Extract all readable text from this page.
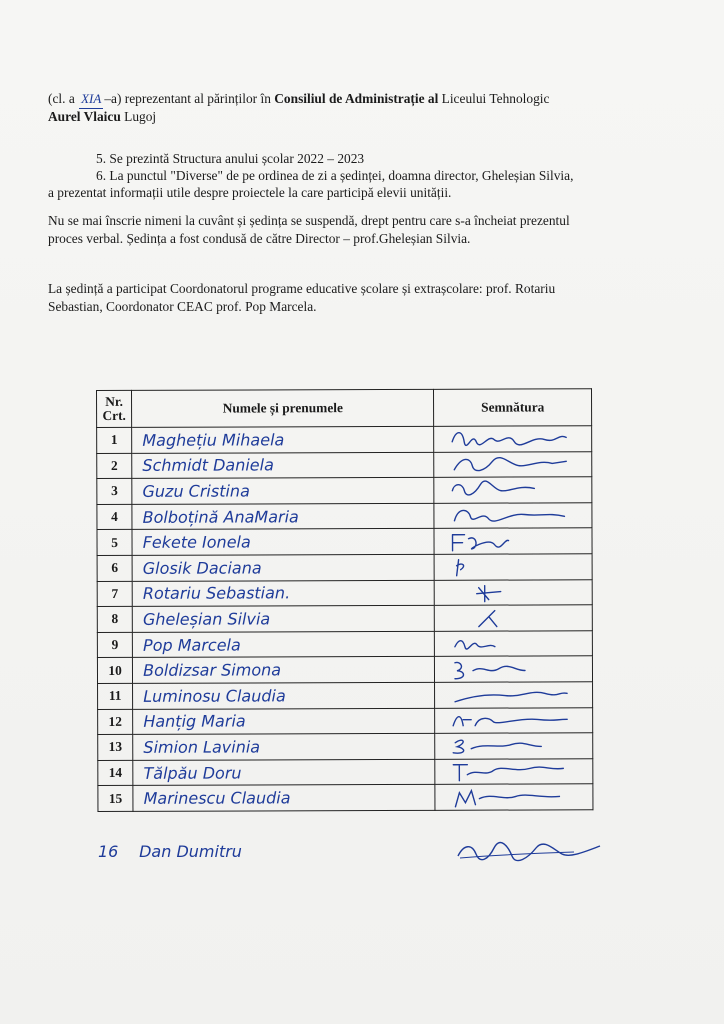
(cl. a XIA –a) reprezentant al părinților în Consiliul de Administrație al Liceului Tehnologic
Aurel Vlaicu Lugoj
5. Se prezintă Structura anului școlar 2022 – 2023
6. La punctul "Diverse" de pe ordinea de zi a ședinței, doamna director, Gheleșian Silvia,
a prezentat informații utile despre proiectele la care participă elevii unității.
Nu se mai înscrie nimeni la cuvânt și ședința se suspendă, drept pentru care s-a încheiat prezentul
proces verbal. Ședința a fost condusă de către Director – prof.Gheleșian Silvia.
La ședință a participat Coordonatorul programe educative școlare și extrașcolare: prof. Rotariu
Sebastian, Coordonator CEAC prof. Pop Marcela.
Nr.
Crt.	Numele și prenumele	Semnătura
1	Maghețiu Mihaela	

2	Schmidt Daniela	

3	Guzu Cristina	

4	Bolboțină AnaMaria	

5	Fekete Ionela	

6	Glosik Daciana	

7	Rotariu Sebastian.	

8	Gheleșian Silvia	

9	Pop Marcela	

10	Boldizsar Simona	

11	Luminosu Claudia	

12	Hanțig Maria	

13	Simion Lavinia	

14	Tălpău Doru	

15	Marinescu Claudia	
16 Dan Dumitru
